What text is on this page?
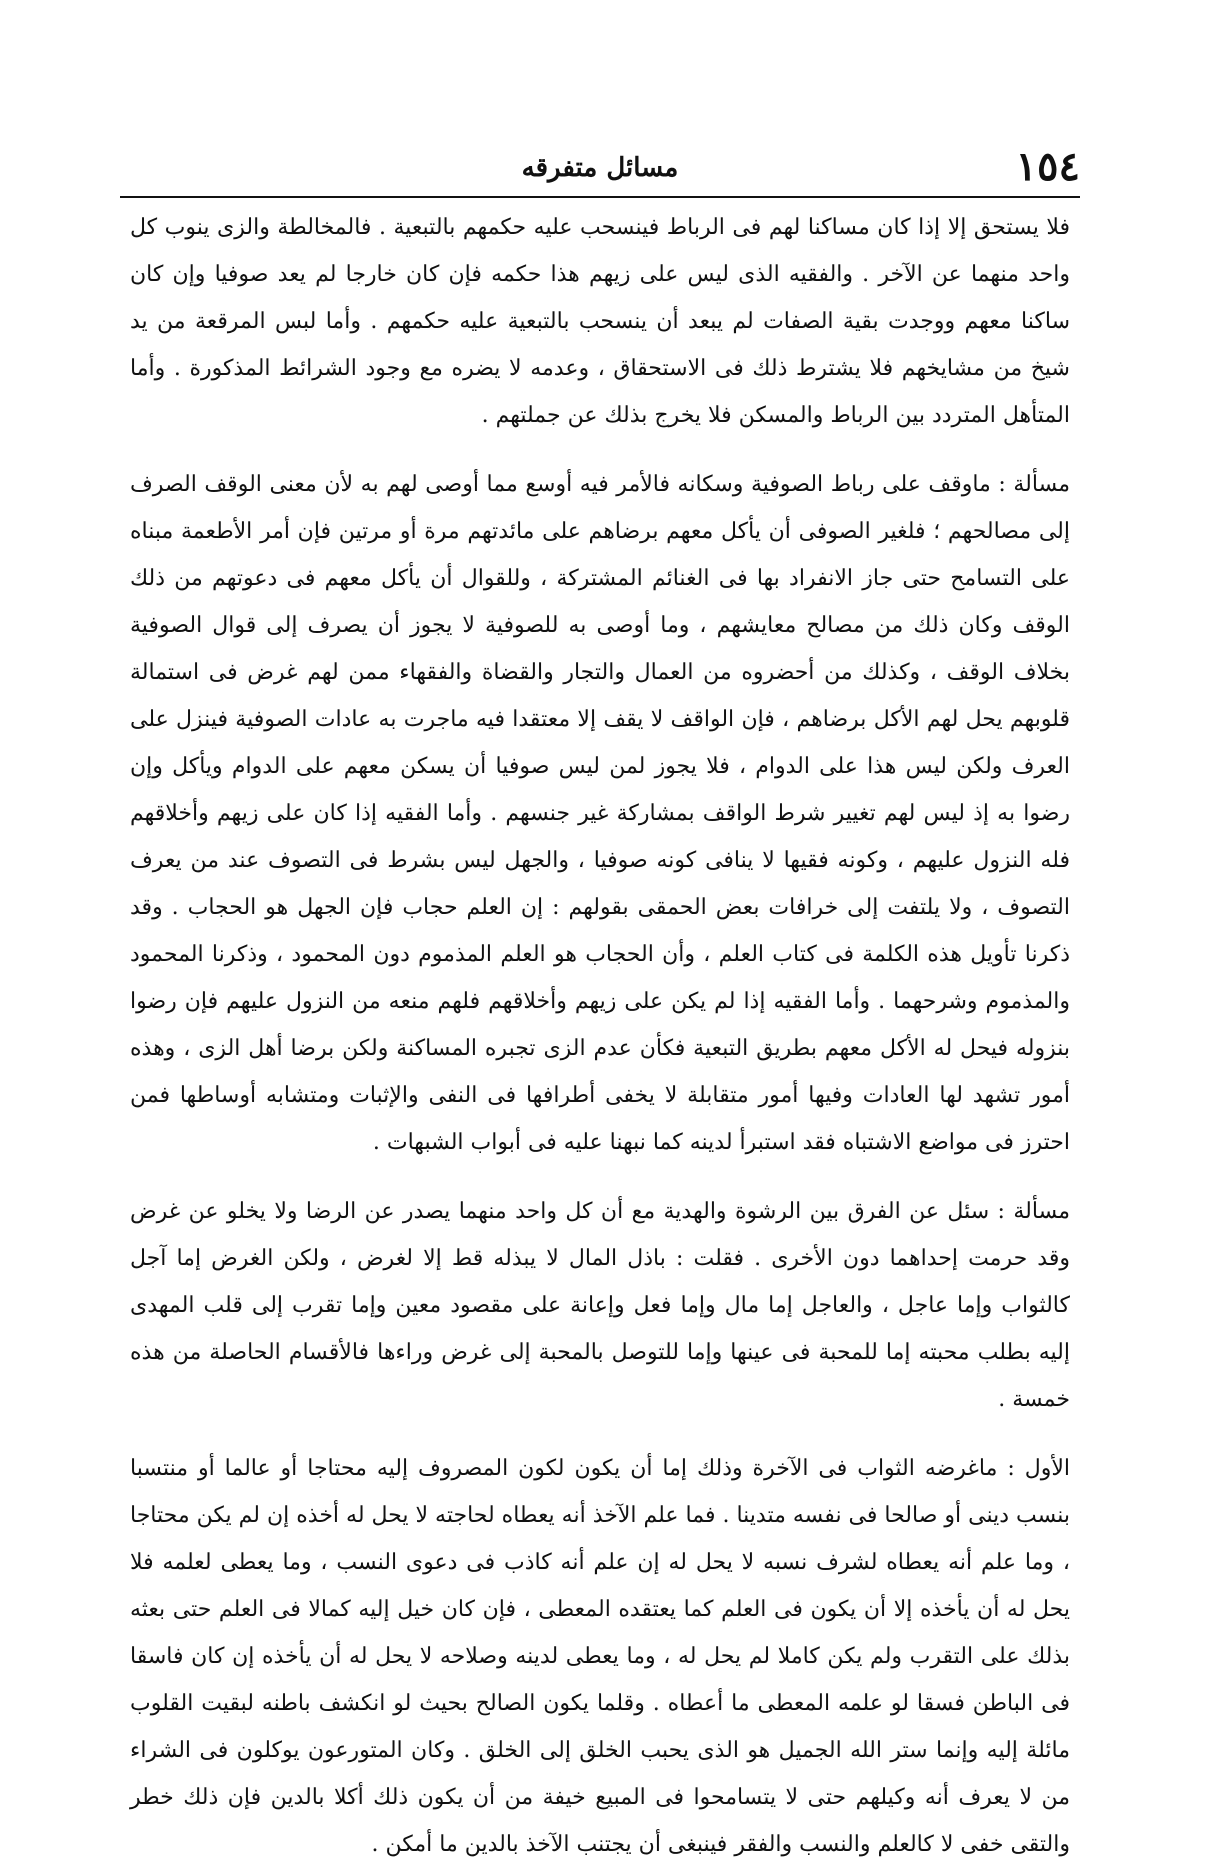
١٥٤
مسائل متفرقه

فلا يستحق إلا إذا كان مساكنا لهم فى الرباط فينسحب عليه حكمهم بالتبعية . فالمخالطة والزى ينوب كل واحد منهما عن الآخر . والفقيه الذى ليس على زيهم هذا حكمه فإن كان خارجا لم يعد صوفيا وإن كان ساكنا معهم ووجدت بقية الصفات لم يبعد أن ينسحب بالتبعية عليه حكمهم . وأما لبس المرقعة من يد شيخ من مشايخهم فلا يشترط ذلك فى الاستحقاق ، وعدمه لا يضره مع وجود الشرائط المذكورة . وأما المتأهل المتردد بين الرباط والمسكن فلا يخرج بذلك عن جملتهم .

مسألة : ماوقف على رباط الصوفية وسكانه فالأمر فيه أوسع مما أوصى لهم به لأن معنى الوقف الصرف إلى مصالحهم ؛ فلغير الصوفى أن يأكل معهم برضاهم على مائدتهم مرة أو مرتين فإن أمر الأطعمة مبناه على التسامح حتى جاز الانفراد بها فى الغنائم المشتركة ، وللقوال أن يأكل معهم فى دعوتهم من ذلك الوقف وكان ذلك من مصالح معايشهم ، وما أوصى به للصوفية لا يجوز أن يصرف إلى قوال الصوفية بخلاف الوقف ، وكذلك من أحضروه من العمال والتجار والقضاة والفقهاء ممن لهم غرض فى استمالة قلوبهم يحل لهم الأكل برضاهم ، فإن الواقف لا يقف إلا معتقدا فيه ماجرت به عادات الصوفية فينزل على العرف ولكن ليس هذا على الدوام ، فلا يجوز لمن ليس صوفيا أن يسكن معهم على الدوام ويأكل وإن رضوا به إذ ليس لهم تغيير شرط الواقف بمشاركة غير جنسهم . وأما الفقيه إذا كان على زيهم وأخلاقهم فله النزول عليهم ، وكونه فقيها لا ينافى كونه صوفيا ، والجهل ليس بشرط فى التصوف عند من يعرف التصوف ، ولا يلتفت إلى خرافات بعض الحمقى بقولهم : إن العلم حجاب فإن الجهل هو الحجاب . وقد ذكرنا تأويل هذه الكلمة فى كتاب العلم ، وأن الحجاب هو العلم المذموم دون المحمود ، وذكرنا المحمود والمذموم وشرحهما . وأما الفقيه إذا لم يكن على زيهم وأخلاقهم فلهم منعه من النزول عليهم فإن رضوا بنزوله فيحل له الأكل معهم بطريق التبعية فكأن عدم الزى تجبره المساكنة ولكن برضا أهل الزى ، وهذه أمور تشهد لها العادات وفيها أمور متقابلة لا يخفى أطرافها فى النفى والإثبات ومتشابه أوساطها فمن احترز فى مواضع الاشتباه فقد استبرأ لدينه كما نبهنا عليه فى أبواب الشبهات .

مسألة : سئل عن الفرق بين الرشوة والهدية مع أن كل واحد منهما يصدر عن الرضا ولا يخلو عن غرض وقد حرمت إحداهما دون الأخرى . فقلت : باذل المال لا يبذله قط إلا لغرض ، ولكن الغرض إما آجل كالثواب وإما عاجل ، والعاجل إما مال وإما فعل وإعانة على مقصود معين وإما تقرب إلى قلب المهدى إليه بطلب محبته إما للمحبة فى عينها وإما للتوصل بالمحبة إلى غرض وراءها فالأقسام الحاصلة من هذه خمسة .

الأول : ماغرضه الثواب فى الآخرة وذلك إما أن يكون لكون المصروف إليه محتاجا أو عالما أو منتسبا بنسب دينى أو صالحا فى نفسه متدينا . فما علم الآخذ أنه يعطاه لحاجته لا يحل له أخذه إن لم يكن محتاجا ، وما علم أنه يعطاه لشرف نسبه لا يحل له إن علم أنه كاذب فى دعوى النسب ، وما يعطى لعلمه فلا يحل له أن يأخذه إلا أن يكون فى العلم كما يعتقده المعطى ، فإن كان خيل إليه كمالا فى العلم حتى بعثه بذلك على التقرب ولم يكن كاملا لم يحل له ، وما يعطى لدينه وصلاحه لا يحل له أن يأخذه إن كان فاسقا فى الباطن فسقا لو علمه المعطى ما أعطاه . وقلما يكون الصالح بحيث لو انكشف باطنه لبقيت القلوب مائلة إليه وإنما ستر الله الجميل هو الذى يحبب الخلق إلى الخلق . وكان المتورعون يوكلون فى الشراء من لا يعرف أنه وكيلهم حتى لا يتسامحوا فى المبيع خيفة من أن يكون ذلك أكلا بالدين فإن ذلك خطر والتقى خفى لا كالعلم والنسب والفقر فينبغى أن يجتنب الآخذ بالدين ما أمكن .
